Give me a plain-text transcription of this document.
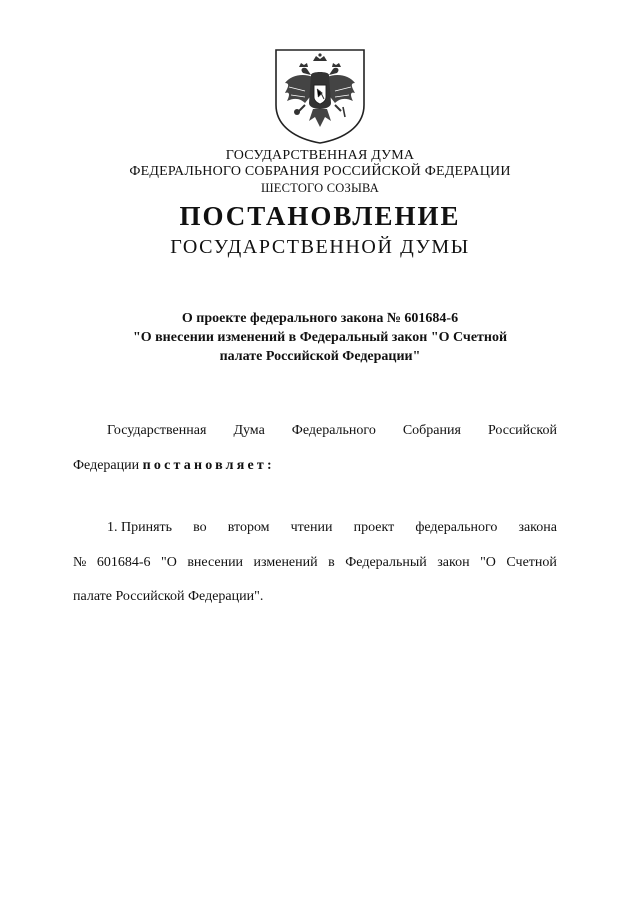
ГОСУДАРСТВЕННАЯ ДУМА
ФЕДЕРАЛЬНОГО СОБРАНИЯ РОССИЙСКОЙ ФЕДЕРАЦИИ
ШЕСТОГО СОЗЫВА
ПОСТАНОВЛЕНИЕ
ГОСУДАРСТВЕННОЙ ДУМЫ
О проекте федерального закона № 601684-6
"О внесении изменений в Федеральный закон "О Счетной
палате Российской Федерации"
Государственная Дума Федерального Собрания Российской
Федерации постановляет:
1. Принять во втором чтении проект федерального закона
№ 601684-6 "О внесении изменений в Федеральный закон "О Счетной
палате Российской Федерации".
